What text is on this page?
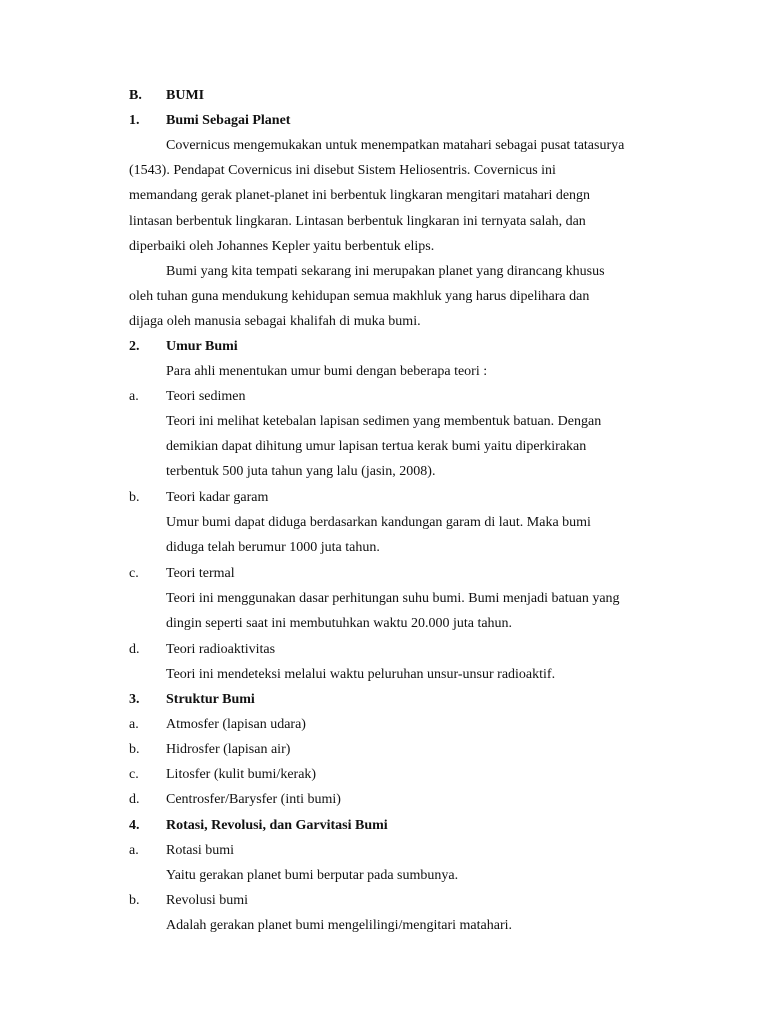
B. BUMI
1. Bumi Sebagai Planet
Covernicus mengemukakan untuk menempatkan matahari sebagai pusat tatasurya
(1543). Pendapat Covernicus ini disebut Sistem Heliosentris. Covernicus ini
memandang gerak planet-planet ini berbentuk lingkaran mengitari matahari dengn
lintasan berbentuk lingkaran. Lintasan berbentuk lingkaran ini ternyata salah, dan
diperbaiki oleh Johannes Kepler yaitu berbentuk elips.
Bumi yang kita tempati sekarang ini merupakan planet yang dirancang khusus
oleh tuhan guna mendukung kehidupan semua makhluk yang harus dipelihara dan
dijaga oleh manusia sebagai khalifah di muka bumi.
2. Umur Bumi
Para ahli menentukan umur bumi dengan beberapa teori :
a. Teori sedimen
Teori ini melihat ketebalan lapisan sedimen yang membentuk batuan. Dengan
demikian dapat dihitung umur lapisan tertua kerak bumi yaitu diperkirakan
terbentuk 500 juta tahun yang lalu (jasin, 2008).
b. Teori kadar garam
Umur bumi dapat diduga berdasarkan kandungan garam di laut. Maka bumi
diduga telah berumur 1000 juta tahun.
c. Teori termal
Teori ini menggunakan dasar perhitungan suhu bumi. Bumi menjadi batuan yang
dingin seperti saat ini membutuhkan waktu 20.000 juta tahun.
d. Teori radioaktivitas
Teori ini mendeteksi melalui waktu peluruhan unsur-unsur radioaktif.
3. Struktur Bumi
a. Atmosfer (lapisan udara)
b. Hidrosfer (lapisan air)
c. Litosfer (kulit bumi/kerak)
d. Centrosfer/Barysfer (inti bumi)
4. Rotasi, Revolusi, dan Garvitasi Bumi
a. Rotasi bumi
Yaitu gerakan planet bumi berputar pada sumbunya.
b. Revolusi bumi
Adalah gerakan planet bumi mengelilingi/mengitari matahari.
